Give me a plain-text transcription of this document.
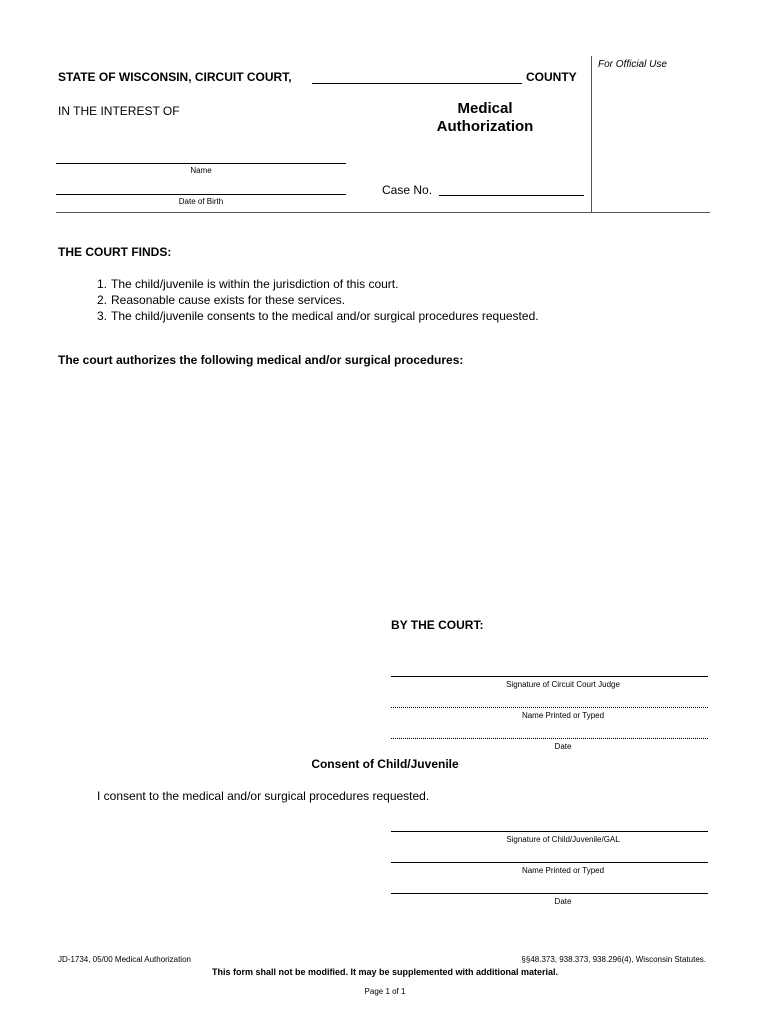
For Official Use
STATE OF WISCONSIN, CIRCUIT COURT,	COUNTY
IN THE INTEREST OF	Medical
Authorization
Name
Date of Birth
Case No.
THE COURT FINDS:
1. The child/juvenile is within the jurisdiction of this court.
2. Reasonable cause exists for these services.
3. The child/juvenile consents to the medical and/or surgical procedures requested.
The court authorizes the following medical and/or surgical procedures:
BY THE COURT:
Signature of Circuit Court Judge
Name Printed or Typed
Date
Consent of Child/Juvenile
I consent to the medical and/or surgical procedures requested.
Signature of Child/Juvenile/GAL
Name Printed or Typed
Date
JD-1734, 05/00 Medical Authorization	§§48.373, 938.373, 938.296(4), Wisconsin Statutes.
This form shall not be modified. It may be supplemented with additional material.
Page 1 of 1
